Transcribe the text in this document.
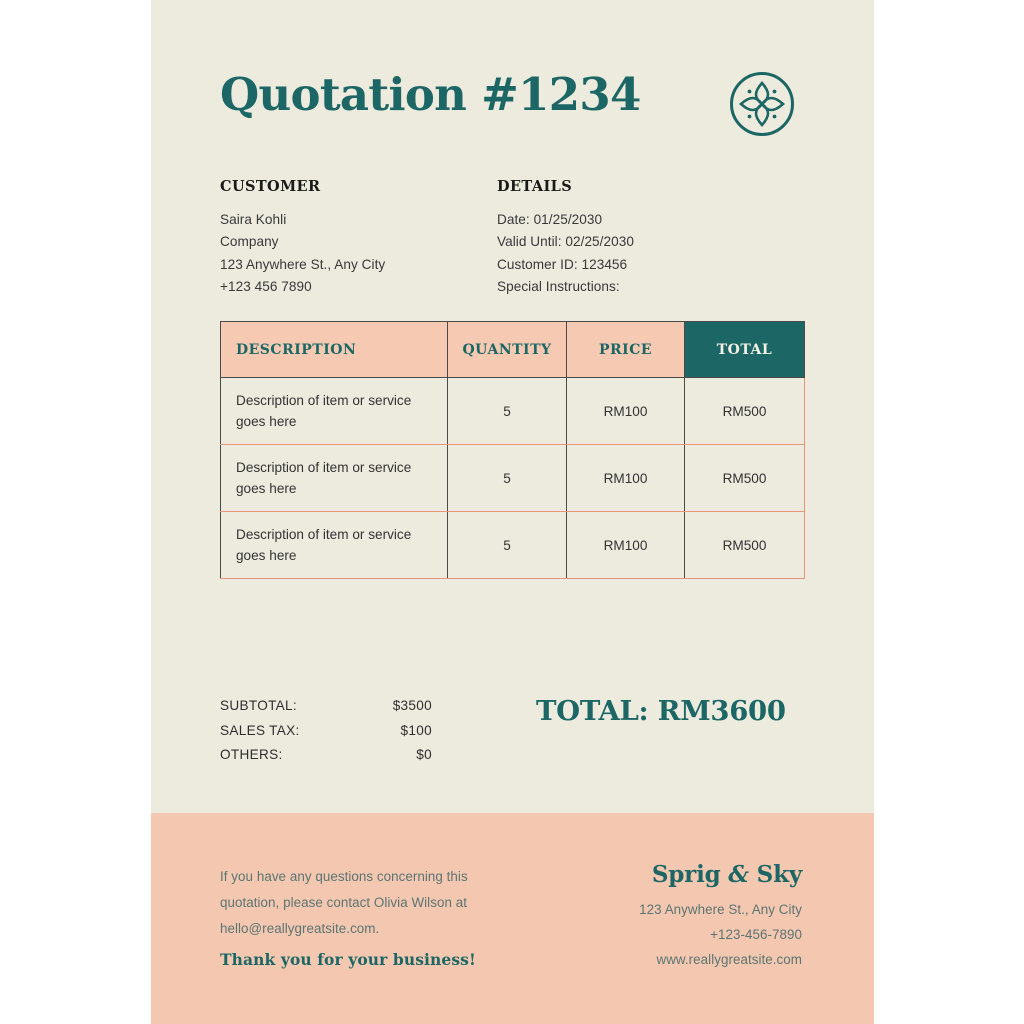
Quotation #1234
CUSTOMER
Saira Kohli
Company
123 Anywhere St., Any City
+123 456 7890
DETAILS
Date: 01/25/2030
Valid Until: 02/25/2030
Customer ID: 123456
Special Instructions:
DESCRIPTION	QUANTITY	PRICE	TOTAL
Description of item or service goes here	5	RM100	RM500
Description of item or service goes here	5	RM100	RM500
Description of item or service goes here	5	RM100	RM500
SUBTOTAL:	$3500
SALES TAX:	$100
OTHERS:	$0
TOTAL: RM3600
If you have any questions concerning this quotation, please contact Olivia Wilson at hello@reallygreatsite.com.
Thank you for your business!
Sprig & Sky
123 Anywhere St., Any City
+123-456-7890
www.reallygreatsite.com
